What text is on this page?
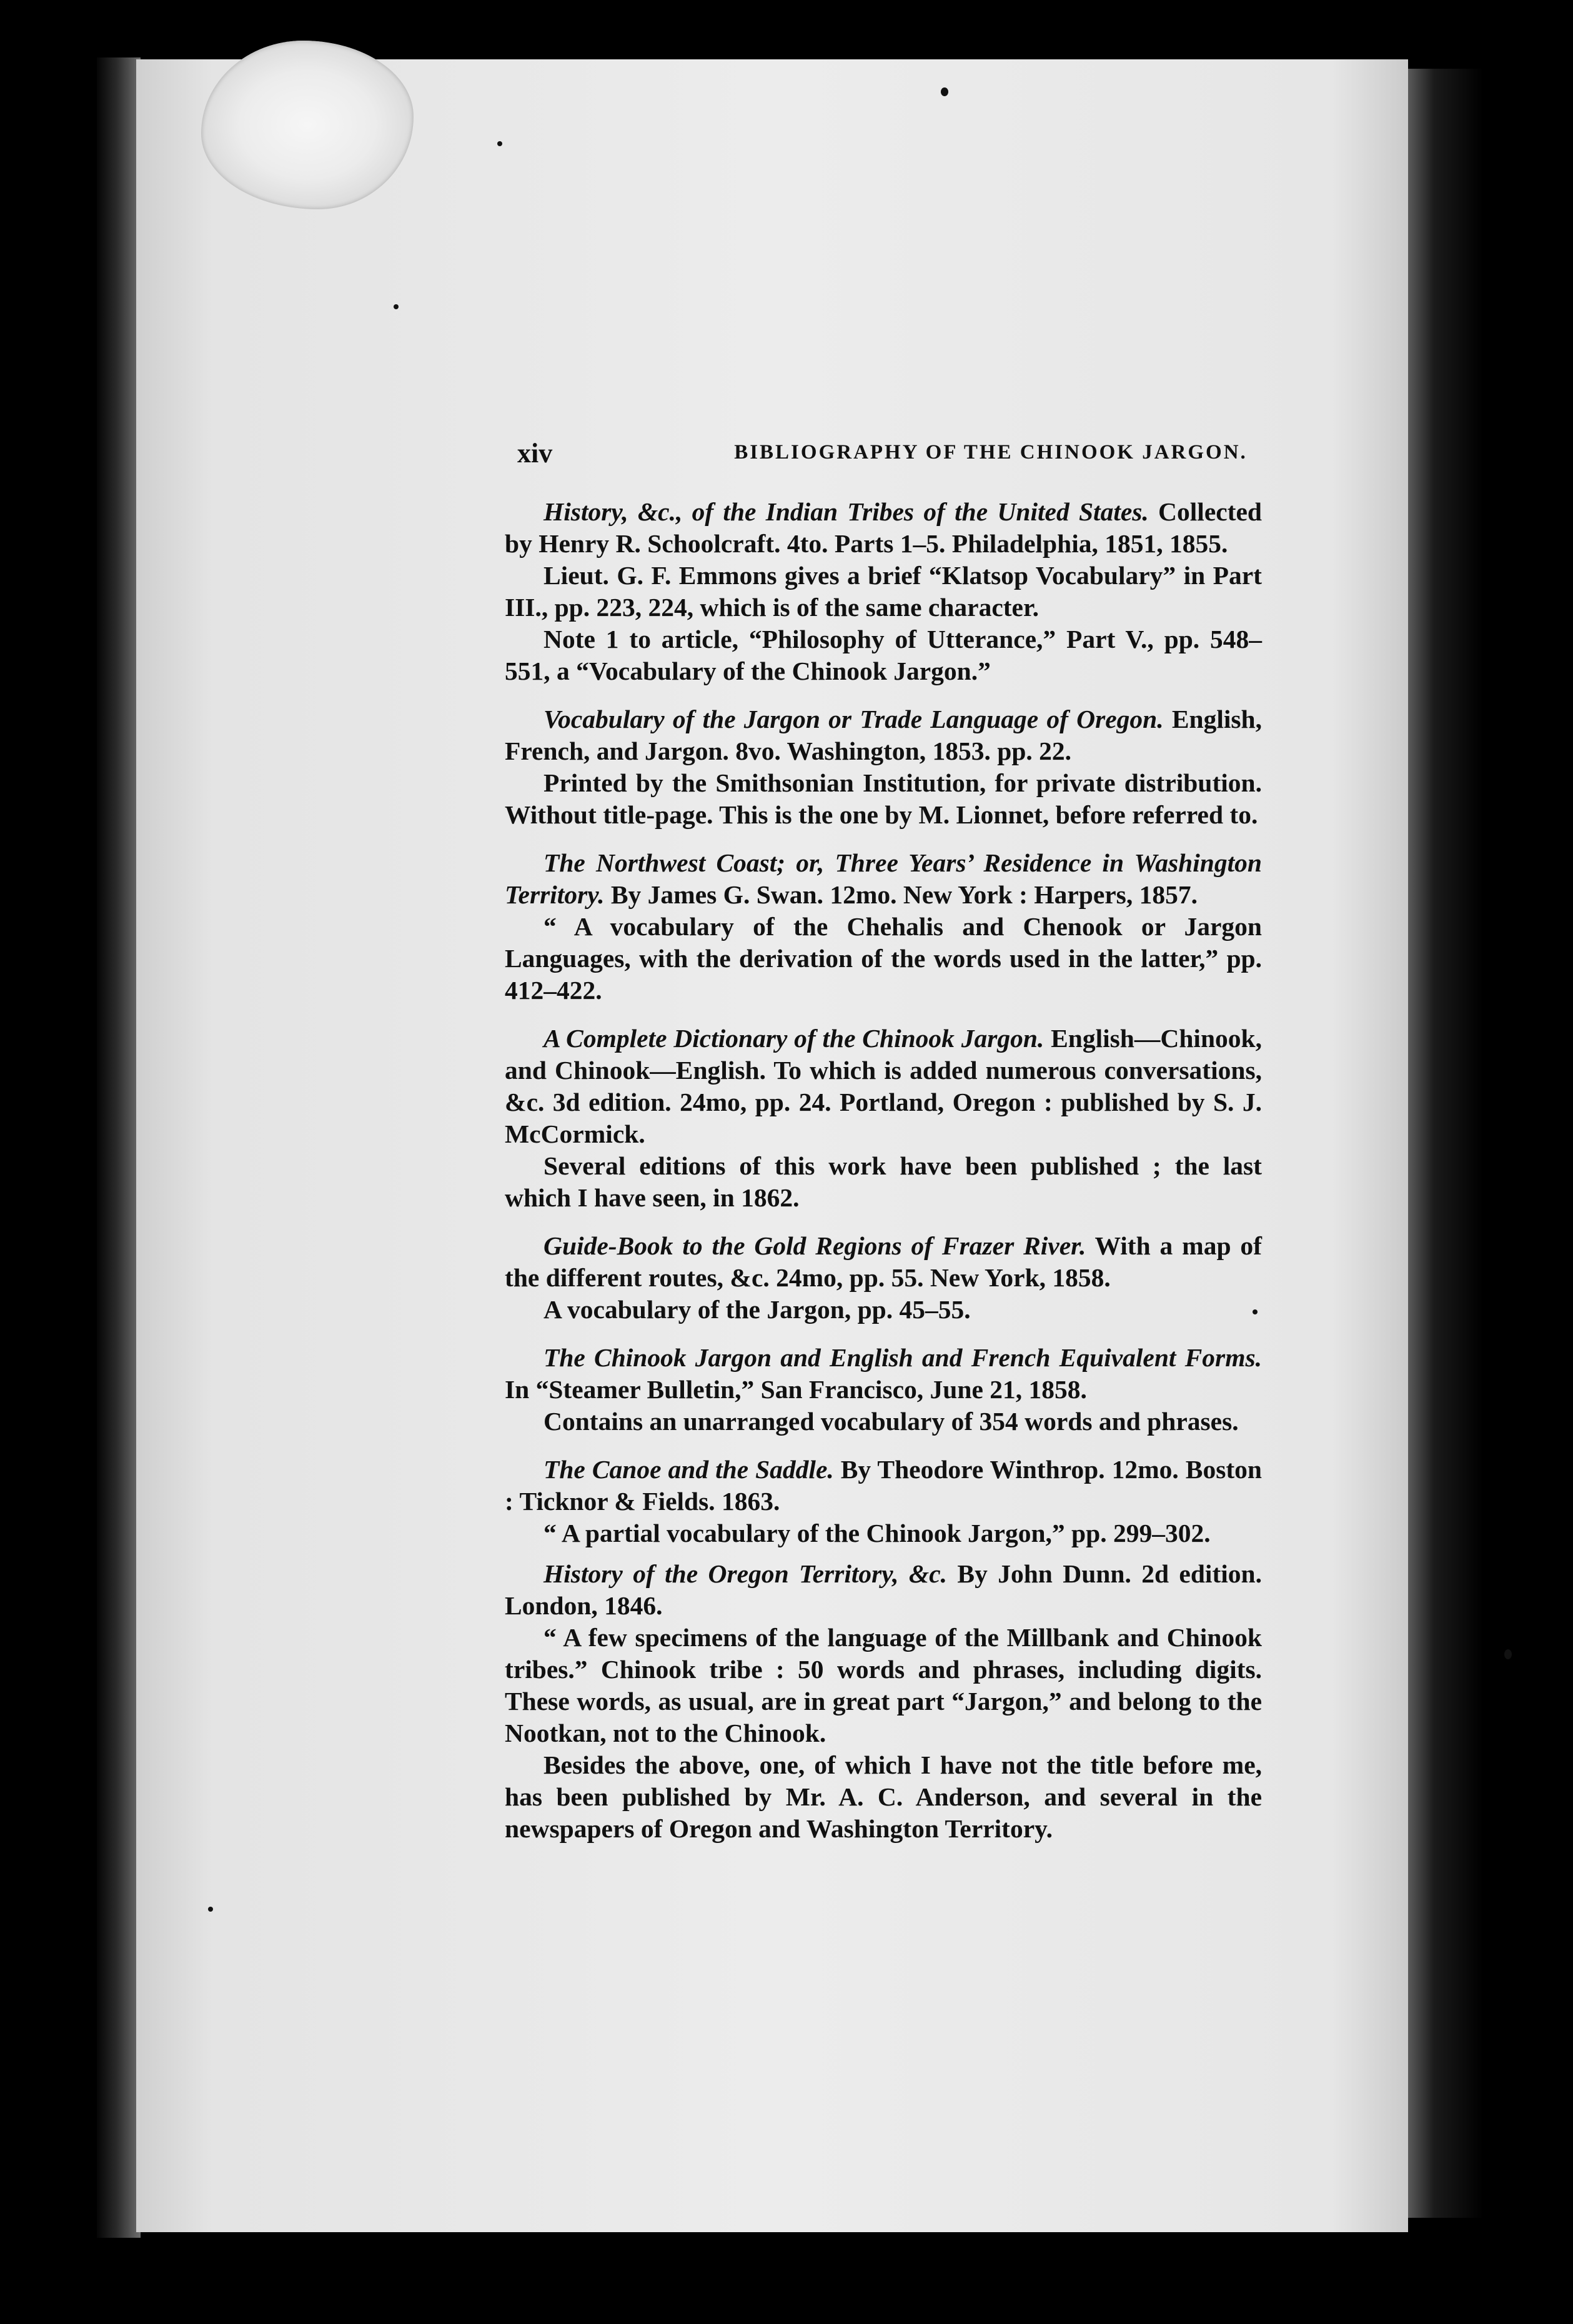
xiv	BIBLIOGRAPHY OF THE CHINOOK JARGON.

History, &c., of the Indian Tribes of the United States. Collected by Henry R. Schoolcraft. 4to. Parts 1–5. Philadelphia, 1851, 1855.

Lieut. G. F. Emmons gives a brief “Klatsop Vocabulary” in Part III., pp. 223, 224, which is of the same character.

Note 1 to article, “Philosophy of Utterance,” Part V., pp. 548–551, a “Vocabulary of the Chinook Jargon.”

Vocabulary of the Jargon or Trade Language of Oregon. English, French, and Jargon. 8vo. Washington, 1853. pp. 22.

Printed by the Smithsonian Institution, for private distribution. Without title-page. This is the one by M. Lionnet, before referred to.

The Northwest Coast; or, Three Years’ Residence in Washington Territory. By James G. Swan. 12mo. New York : Harpers, 1857.

“ A vocabulary of the Chehalis and Chenook or Jargon Languages, with the derivation of the words used in the latter,” pp. 412–422.

A Complete Dictionary of the Chinook Jargon. English—Chinook, and Chinook—English. To which is added numerous conversations, &c. 3d edition. 24mo, pp. 24. Portland, Oregon : published by S. J. McCormick.

Several editions of this work have been published ; the last which I have seen, in 1862.

Guide-Book to the Gold Regions of Frazer River. With a map of the different routes, &c. 24mo, pp. 55. New York, 1858.

A vocabulary of the Jargon, pp. 45–55.

The Chinook Jargon and English and French Equivalent Forms. In “Steamer Bulletin,” San Francisco, June 21, 1858.

Contains an unarranged vocabulary of 354 words and phrases.

The Canoe and the Saddle. By Theodore Winthrop. 12mo. Boston : Ticknor & Fields. 1863.

“ A partial vocabulary of the Chinook Jargon,” pp. 299–302.

History of the Oregon Territory, &c. By John Dunn. 2d edition. London, 1846.

“ A few specimens of the language of the Millbank and Chinook tribes.” Chinook tribe : 50 words and phrases, including digits. These words, as usual, are in great part “Jargon,” and belong to the Nootkan, not to the Chinook.

Besides the above, one, of which I have not the title before me, has been published by Mr. A. C. Anderson, and several in the newspapers of Oregon and Washington Territory.
